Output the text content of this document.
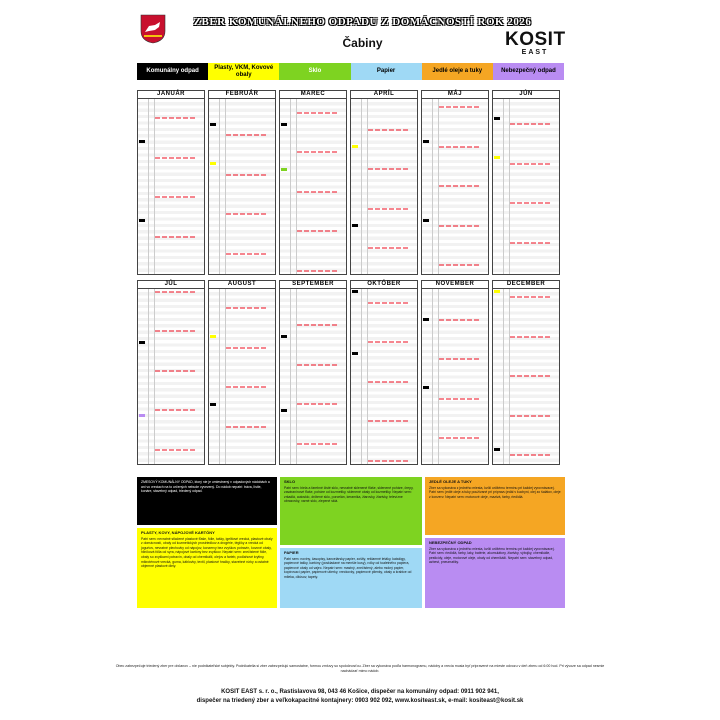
ZBER KOMUNÁLNEHO ODPADU Z DOMÁCNOSTÍ ROK 2026
Čabiny	KOSIT
EAST
Komunálny odpad
Plasty, VKM, Kovové obaly
Sklo	Papier	Jedlé oleje a tuky	Nebezpečný odpad
JANUÁR	FEBRUÁR	MAREC	APRÍL	MÁJ	JÚN
JÚL	AUGUST	SEPTEMBER	OKTÓBER	NOVEMBER	DECEMBER
ZMESOVÝ KOMUNÁLNY ODPAD, ktorý nie je umiestnený v odpadových nádobách a ani vo vreciach na to určených nebude vyvezený. Do nádob nepatrí: tráva, lístie, konáre, stavebný odpad, triedený odpad.
SKLO
Patrí sem: biela a farebné čisté sklo, nevratné sklenené fľaše, sklenené poháre, črepy, zaváraninové fľaše, poháre od kozmetiky, sklenené obaly od kozmetiky. Nepatrí sem: zrkadlá, autosklo, drôtené sklo, porcelán, keramika, žiarovky, žiarivky, televízne obrazovky, varné sklo, zlepené sklá.
JEDLÉ OLEJE A TUKY
Zber sa vykonáva z jedného miesta, kvôli určitému termínu pri každej vyrovnávacej. Patrí sem: jedlé oleje a tuky používané pri prípravu jedál v kuchyni, olej zo šalátov, oleje z konzerv. Nepatrí sem: motorové oleje, mazivá, farby, riedidlá.
PLASTY, KOVY, NÁPOJOVÉ KARTÓNY
Patrí sem: nevratné stlačené plastové fľaše, fólie, tašky, igelitové vrecká, plastové obaly z domácností, obaly od kozmetických prostriedkov a drogérie, téglíky a vrecká od jogurtov, nevratné plechovky od nápojov, konzervy bez zvyškov potravín, kovové obaly, hliníková fólia od syra, nápojové kartóny bez zvyškov. Nepatrí sem: znečistené fólie, obaly so zvyškami potravín, obaly od chemikálií, olejov a farieb, podlahové krytiny, mikroténové vrecká, guma, káblovky, textil, plastové hračky, stavebné rúrky a ostatné objemné plastové diely.
PAPIER
Patrí sem: noviny, časopisy, kancelársky papier, zošity, reklamné letáky, katalógy, papierové tašky, kartóny (poskladané na menšie kusy), rolky od toaletného papiera, papierové obaly od vajec. Nepatrí sem: mastný, znečistený, alebo mokrý papier, kopírovací papier, papierové utierky, vreckovky, papierové plienky, obaly a krabice od mlieka, džúsov, tapety.
NEBEZPEČNÝ ODPAD
Zber sa vykonáva z jedného miesta, kvôli určitému termínu pri každej vyrovnávacej. Patrí sem: riedidlá, farby, laky, batérie, akumulátory, žiarivky, výbojky, chemikálie, pesticídy, oleje, motorové oleje, obaly od chemikálií. Nepatrí sem: stavebný odpad, azbest, pneumatiky.
Obec zabezpečuje triedený zber pre občanov – nie podnikateľské subjekty. Podnikatelia si zber zabezpečujú samostatne, formou zmluvy so spoločnosťou. Zber sa vykonáva podľa harmonogramu, nádoby a vrecia musia byť pripravené na mieste odvozu v deň zberu od 6:00 hod. Pri vývoze sa odpad nesmie nachádzať mimo nádob.
KOSIT EAST s. r. o., Rastislavova 98, 043 46 Košice, dispečer na komunálny odpad: 0911 902 941,
dispečer na triedený zber a veľkokapacitné kontajnery: 0903 902 092, www.kositeast.sk, e-mail: kositeast@kosit.sk
